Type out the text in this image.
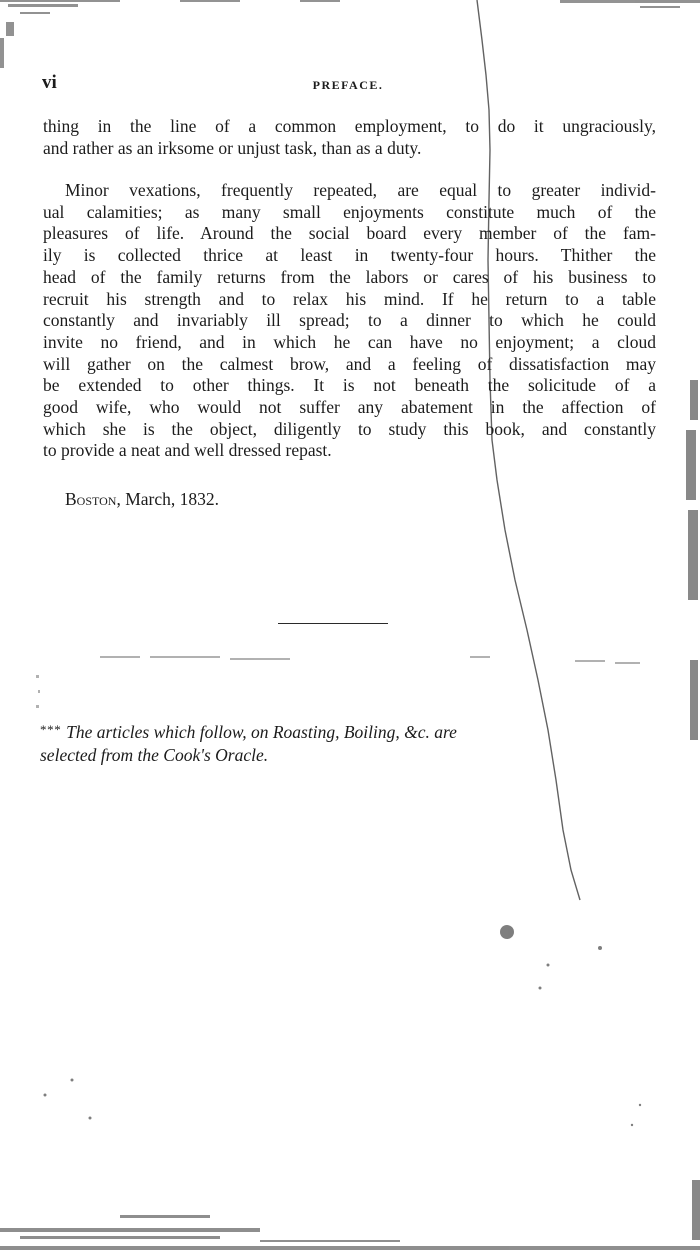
vi	PREFACE.
thing in the line of a common employment, to do it ungraciously,
and rather as an irksome or unjust task, than as a duty.
Minor vexations, frequently repeated, are equal to greater individ-
ual calamities; as many small enjoyments constitute much of the
pleasures of life. Around the social board every member of the fam-
ily is collected thrice at least in twenty-four hours. Thither the
head of the family returns from the labors or cares of his business to
recruit his strength and to relax his mind. If he return to a table
constantly and invariably ill spread; to a dinner to which he could
invite no friend, and in which he can have no enjoyment; a cloud
will gather on the calmest brow, and a feeling of dissatisfaction may
be extended to other things. It is not beneath the solicitude of a
good wife, who would not suffer any abatement in the affection of
which she is the object, diligently to study this book, and constantly
to provide a neat and well dressed repast.
Boston, March, 1832.
* * * The articles which follow, on Roasting, Boiling, &c. are
selected from the Cook's Oracle.
